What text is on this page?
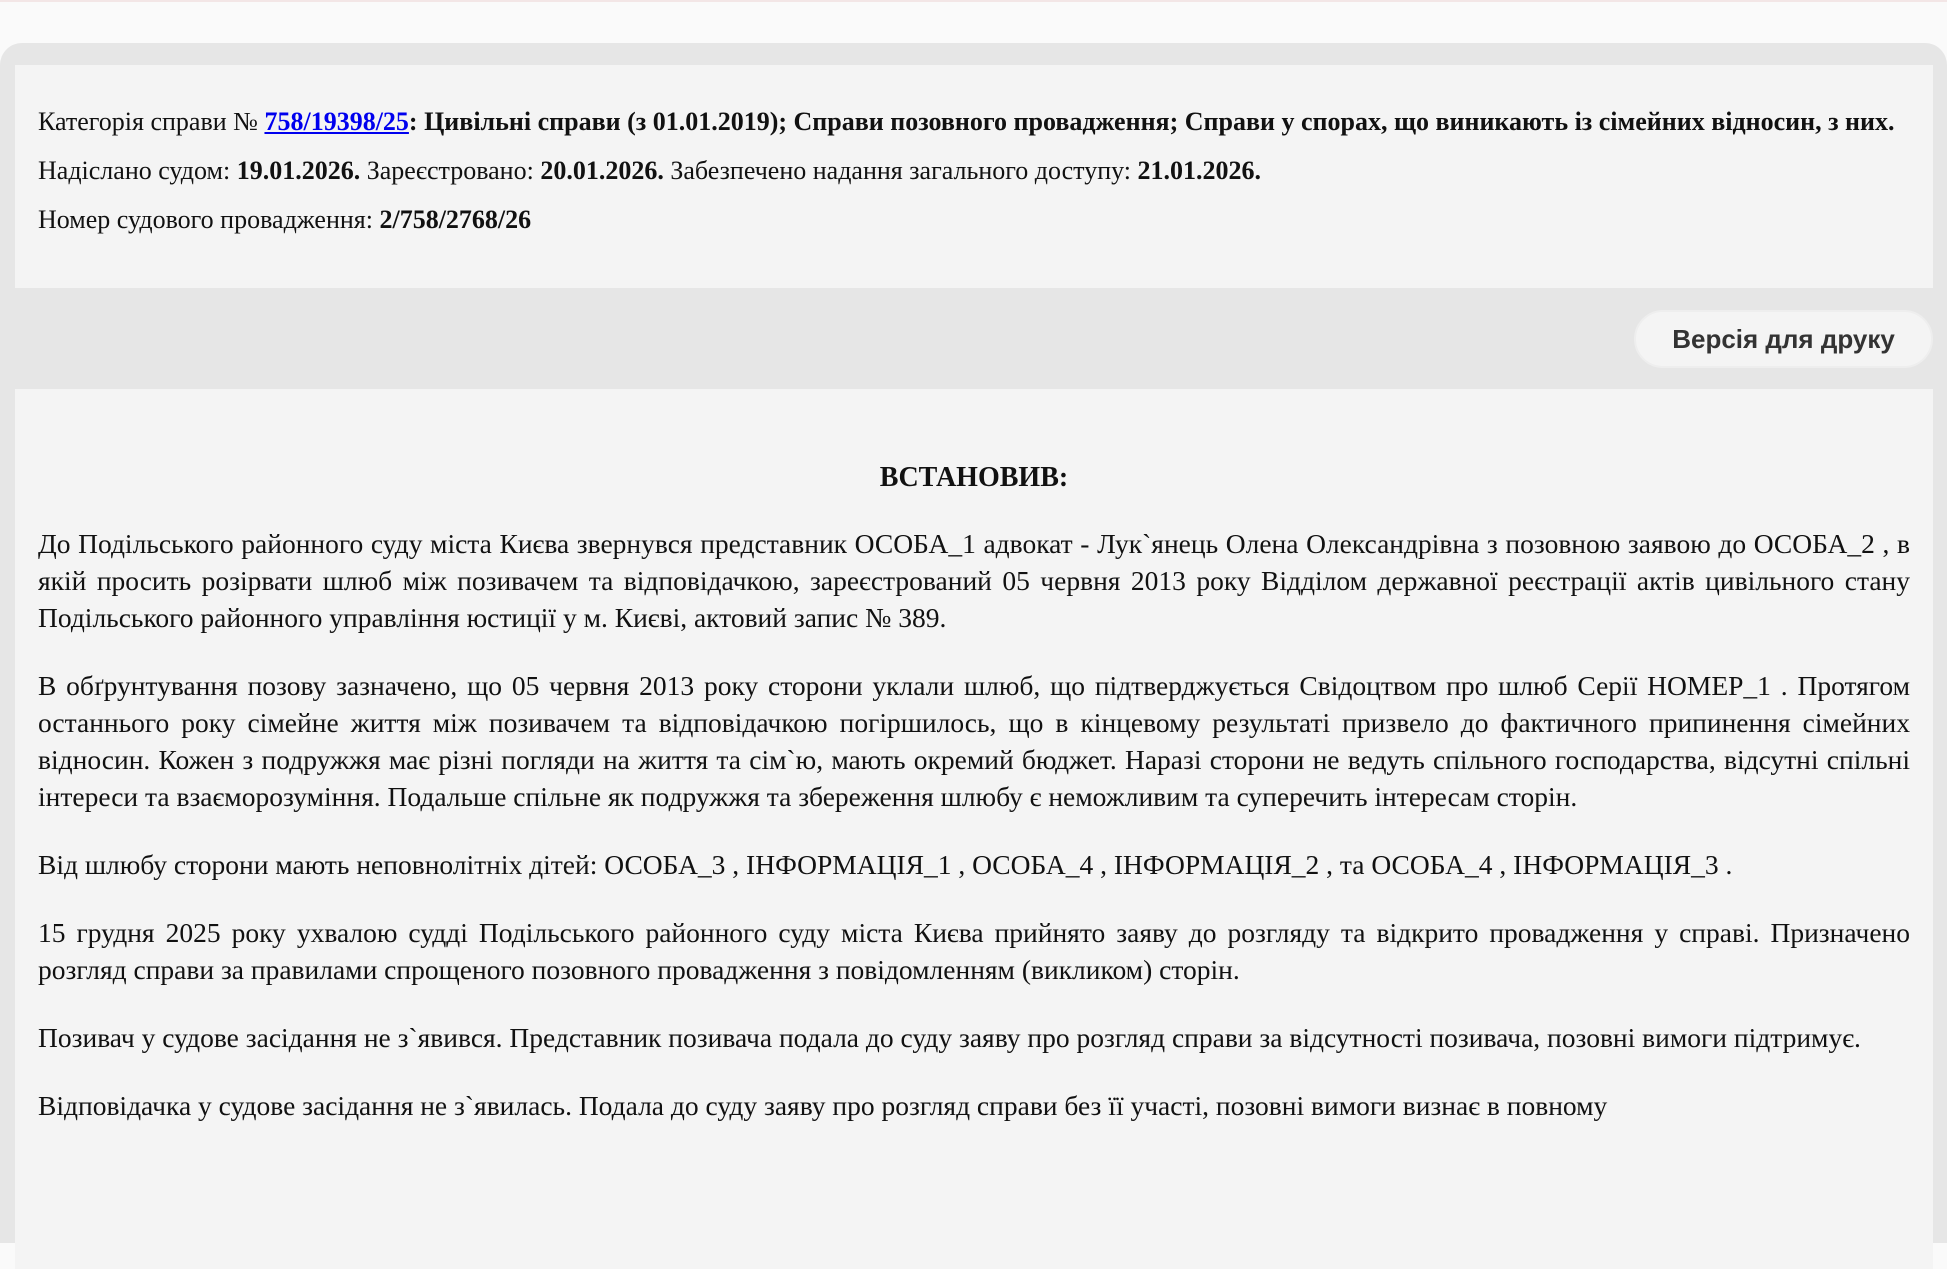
Категорія справи № 758/19398/25: Цивільні справи (з 01.01.2019); Справи позовного провадження; Справи у спорах, що виникають із сімейних відносин, з них.

Надіслано судом: 19.01.2026. Зареєстровано: 20.01.2026. Забезпечено надання загального доступу: 21.01.2026.

Номер судового провадження: 2/758/2768/26

Версія для друку
ВСТАНОВИВ:

До Подільського районного суду міста Києва звернувся представник ОСОБА_1 адвокат - Лук`янець Олена Олександрівна з позовною заявою до ОСОБА_2 , в якій просить розірвати шлюб між позивачем та відповідачкою, зареєстрований 05 червня 2013 року Відділом державної реєстрації актів цивільного стану Подільського районного управління юстиції у м. Києві, актовий запис № 389.

В обґрунтування позову зазначено, що 05 червня 2013 року сторони уклали шлюб, що підтверджується Свідоцтвом про шлюб Серії НОМЕР_1 . Протягом останнього року сімейне життя між позивачем та відповідачкою погіршилось, що в кінцевому результаті призвело до фактичного припинення сімейних відносин. Кожен з подружжя має різні погляди на життя та сім`ю, мають окремий бюджет. Наразі сторони не ведуть спільного господарства, відсутні спільні інтереси та взаєморозуміння. Подальше спільне як подружжя та збереження шлюбу є неможливим та суперечить інтересам сторін.

Від шлюбу сторони мають неповнолітніх дітей: ОСОБА_3 , ІНФОРМАЦІЯ_1 , ОСОБА_4 , ІНФОРМАЦІЯ_2 , та ОСОБА_4 , ІНФОРМАЦІЯ_3 .

15 грудня 2025 року ухвалою судді Подільського районного суду міста Києва прийнято заяву до розгляду та відкрито провадження у справі. Призначено розгляд справи за правилами спрощеного позовного провадження з повідомленням (викликом) сторін.

Позивач у судове засідання не з`явився. Представник позивача подала до суду заяву про розгляд справи за відсутності позивача, позовні вимоги підтримує.

Відповідачка у судове засідання не з`явилась. Подала до суду заяву про розгляд справи без її участі, позовні вимоги визнає в повному
